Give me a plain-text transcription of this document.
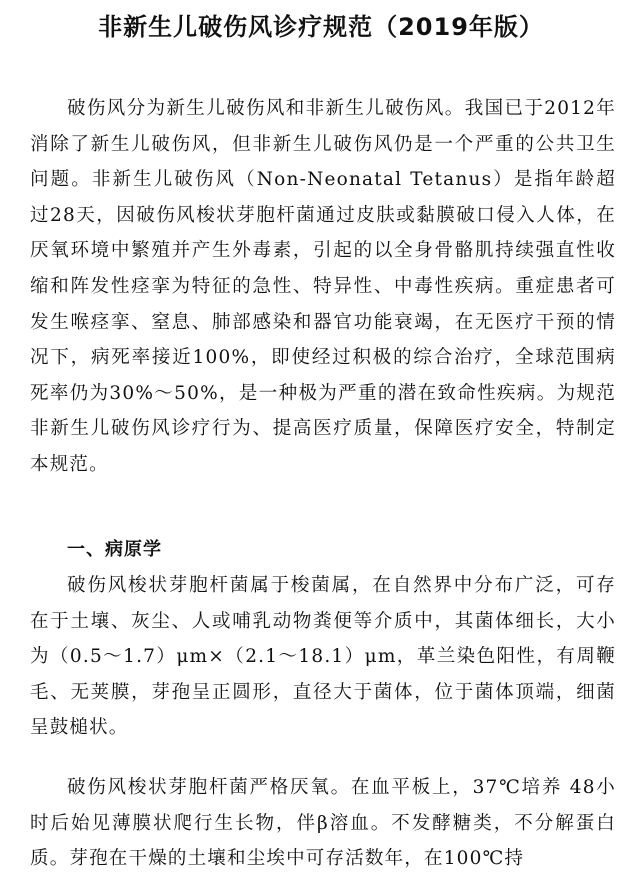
非新生儿破伤风诊疗规范（2019年版）

破伤风分为新生儿破伤风和非新生儿破伤风。我国已于2012年消除了新生儿破伤风，但非新生儿破伤风仍是一个严重的公共卫生问题。非新生儿破伤风（Non-Neonatal Tetanus）是指年龄超过28天，因破伤风梭状芽胞杆菌通过皮肤或黏膜破口侵入人体，在厌氧环境中繁殖并产生外毒素，引起的以全身骨骼肌持续强直性收缩和阵发性痉挛为特征的急性、特异性、中毒性疾病。重症患者可发生喉痉挛、窒息、肺部感染和器官功能衰竭，在无医疗干预的情况下，病死率接近100%，即使经过积极的综合治疗，全球范围病死率仍为30%～50%，是一种极为严重的潜在致命性疾病。为规范非新生儿破伤风诊疗行为、提高医疗质量，保障医疗安全，特制定本规范。

一、病原学

破伤风梭状芽胞杆菌属于梭菌属，在自然界中分布广泛，可存在于土壤、灰尘、人或哺乳动物粪便等介质中，其菌体细长，大小为（0.5～1.7）μm×（2.1～18.1）μm，革兰染色阳性，有周鞭毛、无荚膜，芽孢呈正圆形，直径大于菌体，位于菌体顶端，细菌呈鼓槌状。

破伤风梭状芽胞杆菌严格厌氧。在血平板上，37℃培养 48小时后始见薄膜状爬行生长物，伴β溶血。不发酵糖类，不分解蛋白质。芽孢在干燥的土壤和尘埃中可存活数年，在100℃持
